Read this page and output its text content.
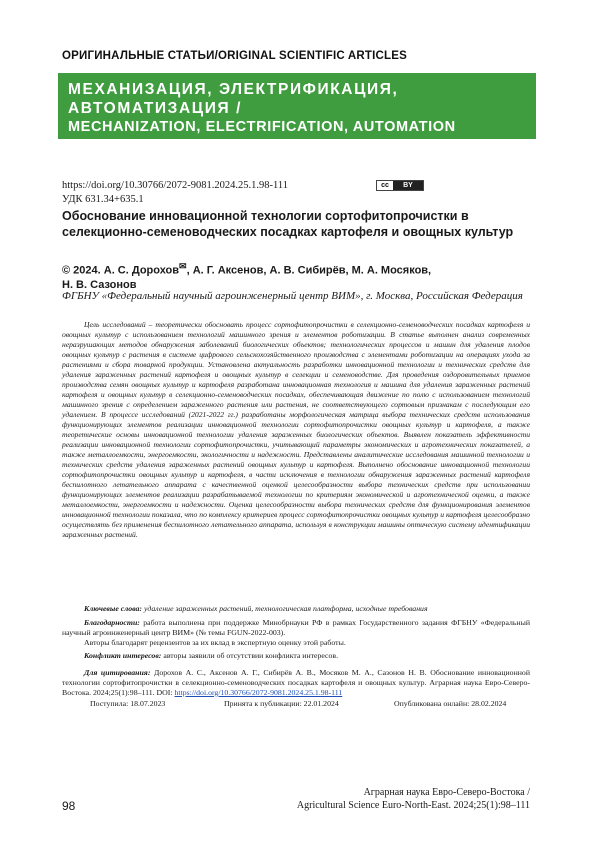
ОРИГИНАЛЬНЫЕ СТАТЬИ/ORIGINAL SCIENTIFIC ARTICLES
МЕХАНИЗАЦИЯ, ЭЛЕКТРИФИКАЦИЯ,
АВТОМАТИЗАЦИЯ /
MECHANIZATION, ELECTRIFICATION, AUTOMATION
https://doi.org/10.30766/2072-9081.2024.25.1.98-111
УДК 631.34+635.1
cc	BY
Обоснование инновационной технологии сортофитопрочистки в селекционно-семеноводческих посадках картофеля и овощных культур
© 2024. А. С. Дорохов✉, А. Г. Аксенов, А. В. Сибирёв, М. А. Мосяков,
Н. В. Сазонов
ФГБНУ «Федеральный научный агроинженерный центр ВИМ», г. Москва, Российская Федерация
Цель исследований – теоретически обосновать процесс сортофитопрочистки в селекционно-семеноводческих посадках картофеля и овощных культур с использованием технологий машинного зрения и элементов роботизации. В статье выполнен анализ современных неразрушающих методов обнаружения заболеваний биологических объектов; технологических процессов и машин для удаления плодов овощных культур с растения в системе цифрового сельскохозяйственного производства с элементами роботизации на операциях ухода за растениями и сбора товарной продукции. Установлена актуальность разработки инновационной технологии и технических средств для удаления зараженных растений картофеля и овощных культур в селекции и семеноводстве. Для проведения оздоровительных приемов производства семян овощных культур и картофеля разработана инновационная технология и машина для удаления зараженных растений картофеля и овощных культур в селекционно-семеноводческих посадках, обеспечивающая движение по полю с использованием технологий машинного зрения с определением зараженного растения или растения, не соответствующего сортовым признакам с последующим его удалением. В процессе исследований (2021-2022 гг.) разработаны морфологическая матрица выбора технических средств использования функционирующих элементов реализации инновационной технологии сортофитопрочистки овощных культур и картофеля, а также теоретические основы инновационной технологии удаления зараженных биологических объектов. Выявлен показатель эффективности реализации инновационной технологии сортофитопрочистки, учитывающий параметры экономических и агротехнических показателей, а также металлоемкости, энергоемкости, экологичности и надежности. Представлены аналитические исследования машинной технологии и технических средств удаления зараженных растений овощных культур и картофеля. Выполнено обоснование инновационной технологии сортофитопрочистки овощных культур и картофеля, в части исключения в технологии обнаружения зараженных растений картофеля беспилотного летательного аппарата с качественной оценкой целесообразности выбора технических средств при использовании функционирующих элементов реализации разрабатываемой технологии по критериям экономической и агротехнической оценки, а также металлоемкости, энергоемкости и надежности. Оценка целесообразности выбора технических средств для функционирования элементов инновационной технологии показала, что по комплексу критериев процесс сортофитопрочистки овощных культур и картофеля целесообразно осуществлять без применения беспилотного летательного аппарата, используя в конструкции машины оптическую систему идентификации зараженных растений.
Ключевые слова: удаление зараженных растений, технологическая платформа, исходные требования
Благодарности: работа выполнена при поддержке Минобрнауки РФ в рамках Государственного задания ФГБНУ «Федеральный научный агроинженерный центр ВИМ» (№ темы FGUN-2022-003).
Авторы благодарят рецензентов за их вклад в экспертную оценку этой работы.
Конфликт интересов: авторы заявили об отсутствии конфликта интересов.
Для цитирования: Дорохов А. С., Аксенов А. Г., Сибирёв А. В., Мосяков М. А., Сазонов Н. В. Обоснование инновационной технологии сортофитопрочистки в селекционно-семеноводческих посадках картофеля и овощных культур. Аграрная наука Евро-Северо-Востока. 2024;25(1):98–111. DOI: https://doi.org/10.30766/2072-9081.2024.25.1.98-111
Поступила: 18.07.2023	Принята к публикации: 22.01.2024	Опубликована онлайн: 28.02.2024
98
Аграрная наука Евро-Северо-Востока /
Agricultural Science Euro-North-East. 2024;25(1):98–111
